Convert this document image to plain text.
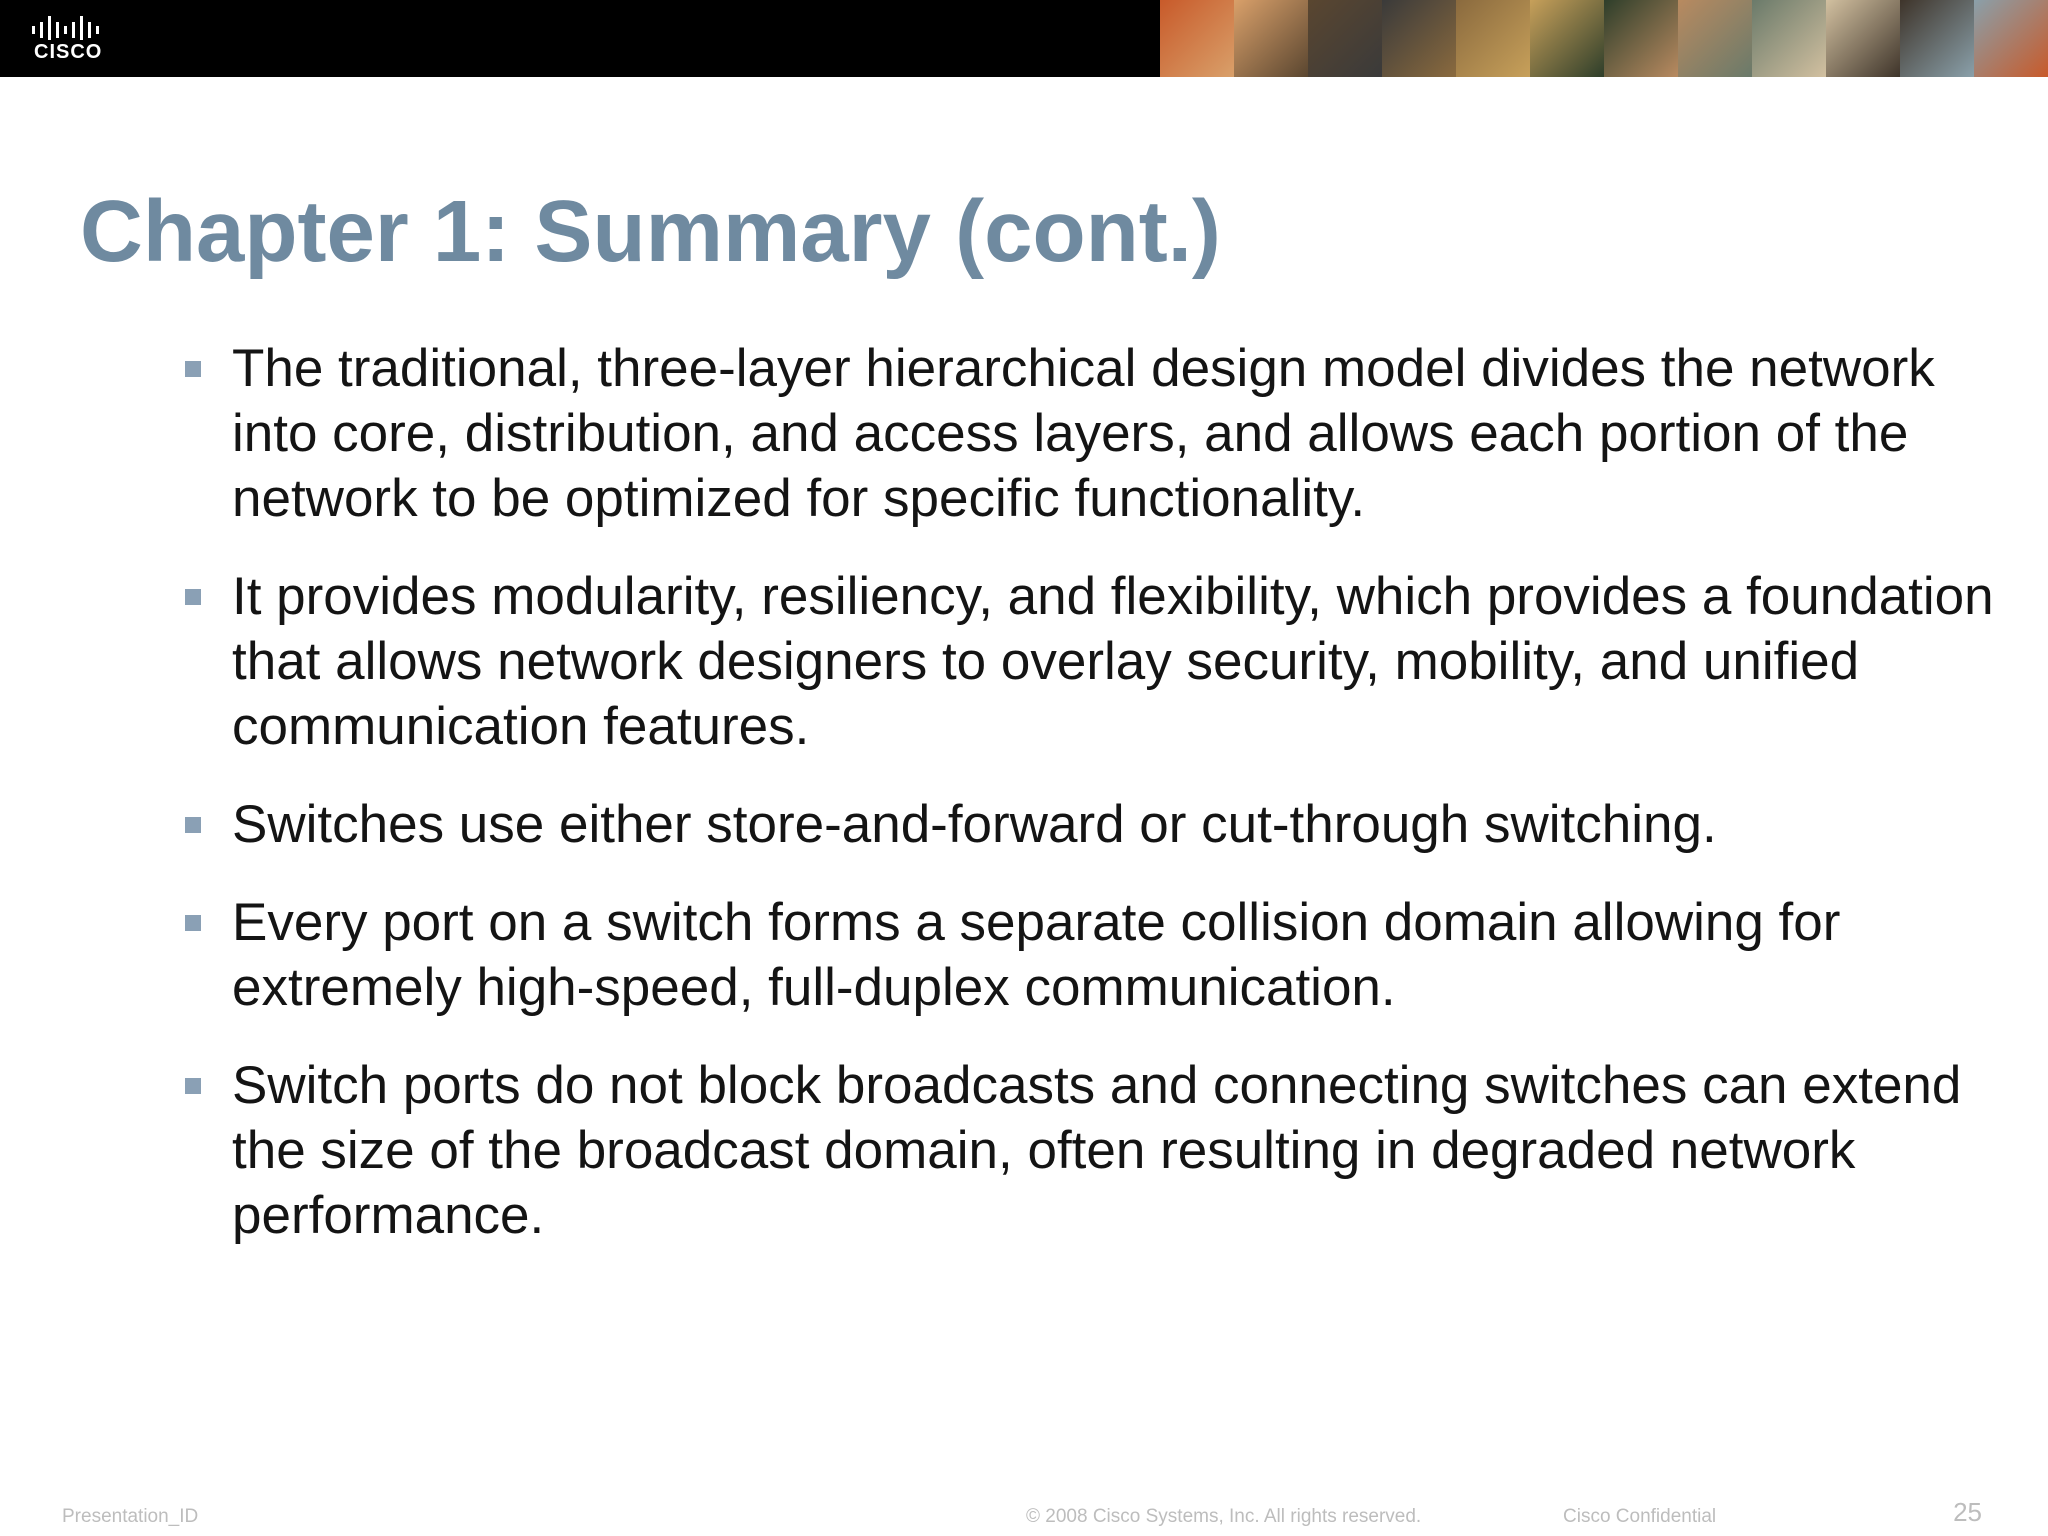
CISCO
Chapter 1: Summary (cont.)
The traditional, three-layer hierarchical design model divides the network into core, distribution, and access layers, and allows each portion of the network to be optimized for specific functionality.
It provides modularity, resiliency, and flexibility, which provides a foundation that allows network designers to overlay security, mobility, and unified communication features.
Switches use either store-and-forward or cut-through switching.
Every port on a switch forms a separate collision domain allowing for extremely high-speed, full-duplex communication.
Switch ports do not block broadcasts and connecting switches can extend the size of the broadcast domain, often resulting in degraded network performance.
Presentation_ID	© 2008 Cisco Systems, Inc. All rights reserved.	Cisco Confidential	25
